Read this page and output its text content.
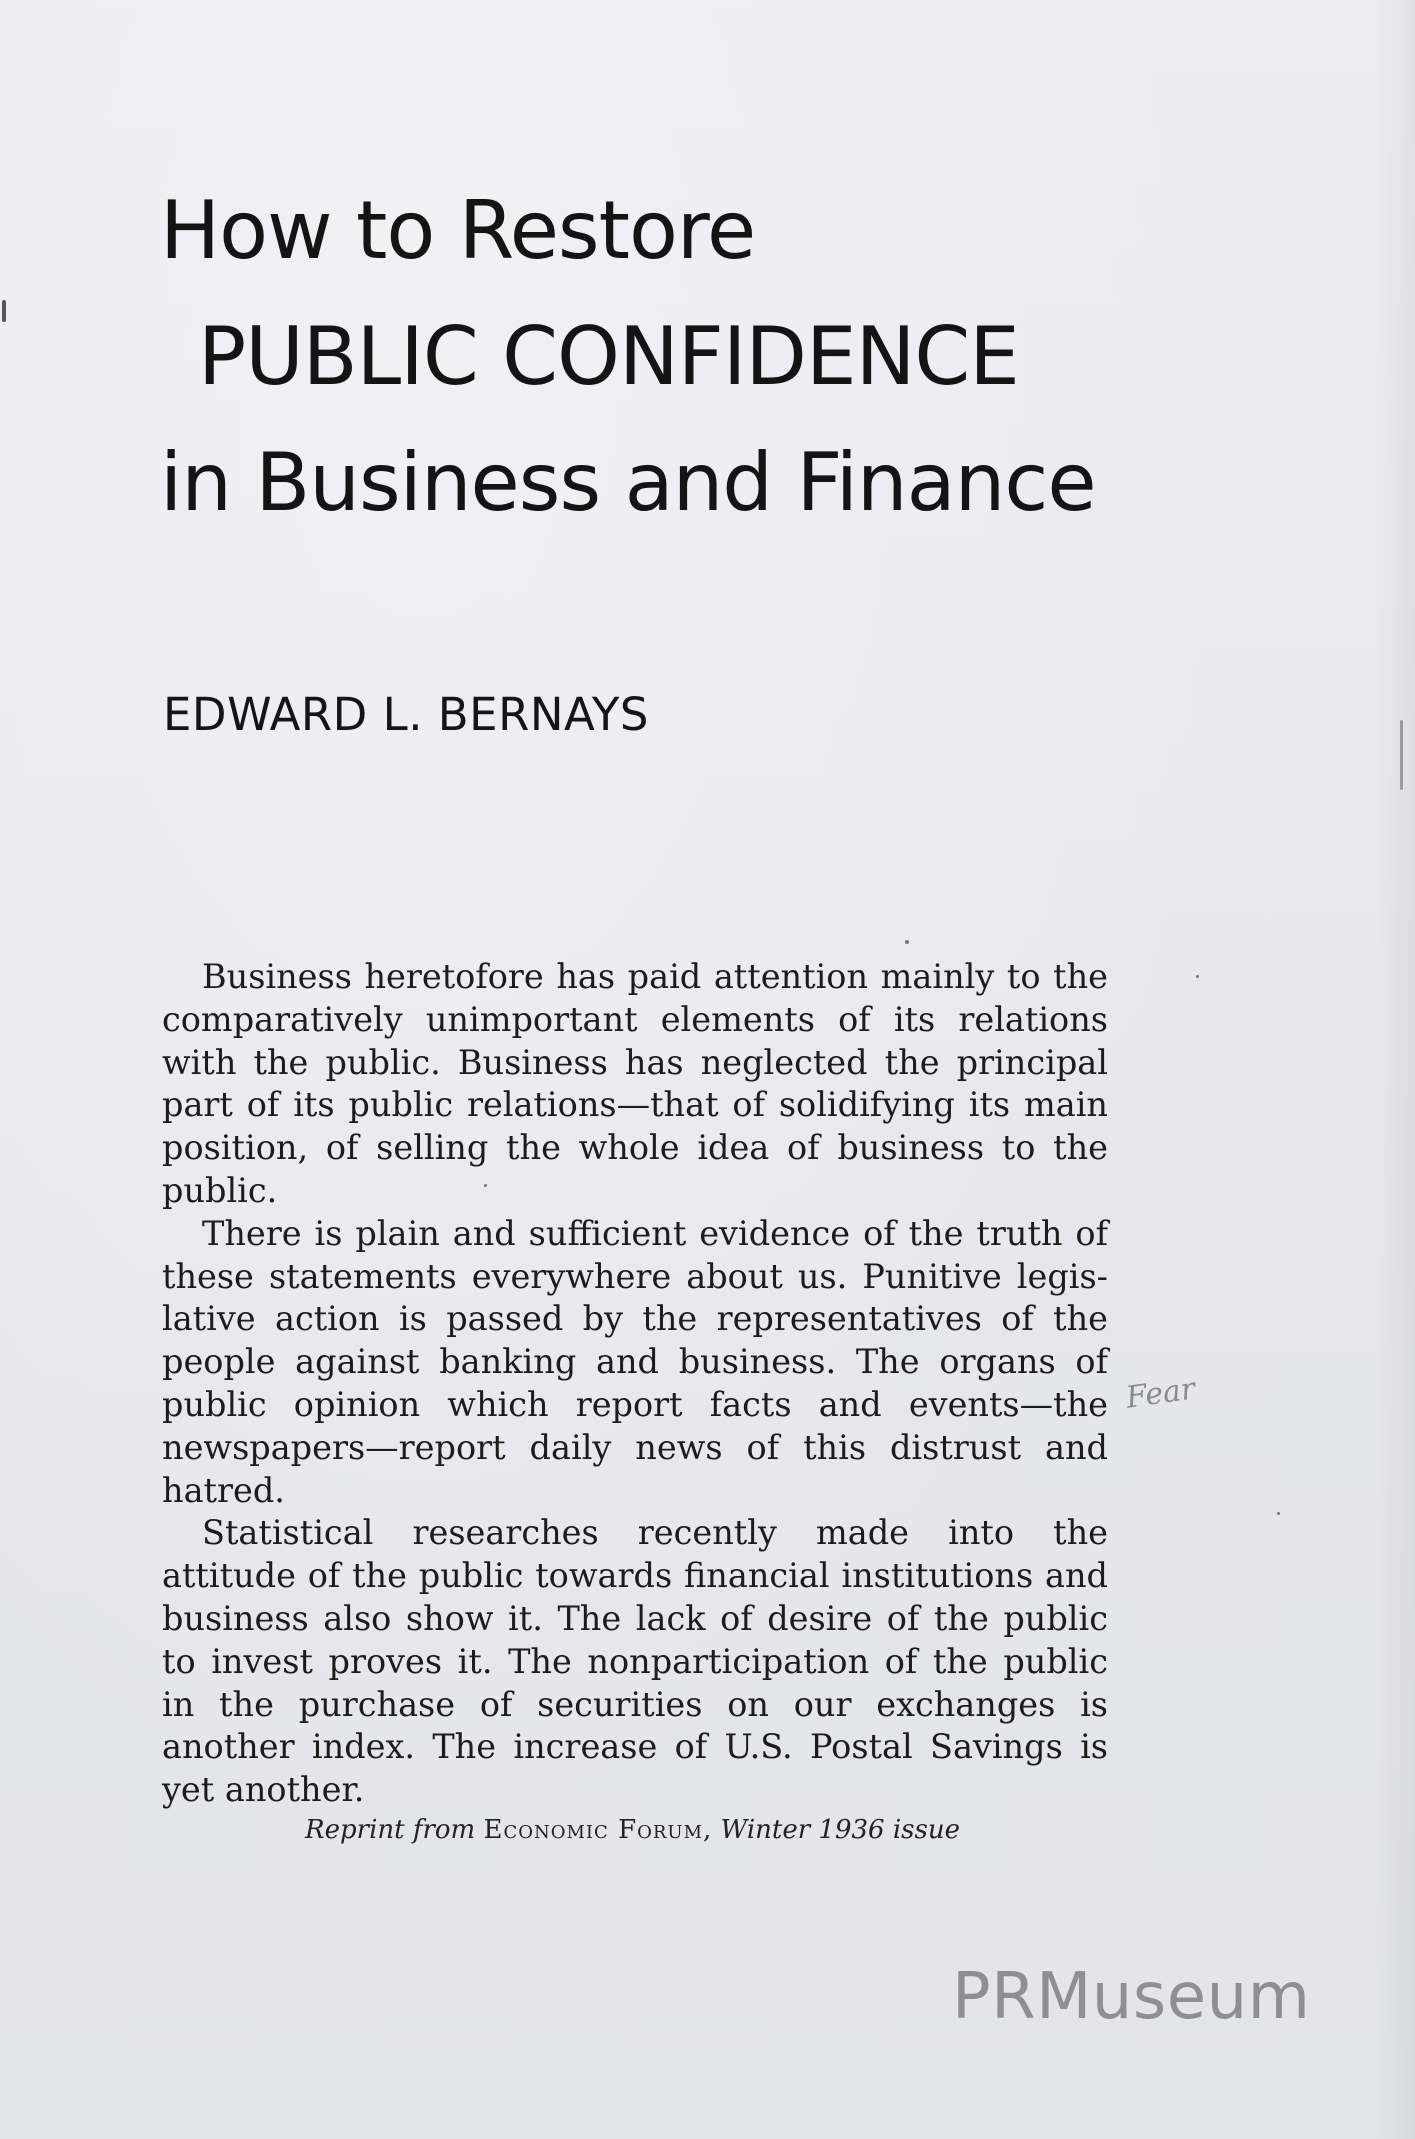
How to Restore
PUBLIC CONFIDENCE
in Business and Finance
EDWARD L. BERNAYS

Business heretofore has paid attention mainly to the comparatively unimportant elements of its relations with the public. Business has neglected the principal part of its public relations—that of solidifying its main position, of selling the whole idea of business to the public.

There is plain and sufficient evidence of the truth of these statements everywhere about us. Punitive legislative action is passed by the representatives of the people against banking and business. The organs of public opinion which report facts and events—the newspapers—report daily news of this distrust and hatred.

Statistical researches recently made into the attitude of the public towards financial institutions and business also show it. The lack of desire of the public to invest proves it. The nonparticipation of the public in the purchase of securities on our exchanges is another index. The increase of U.S. Postal Savings is yet another.

Fear
Reprint from Economic Forum, Winter 1936 issue
PRMuseum
